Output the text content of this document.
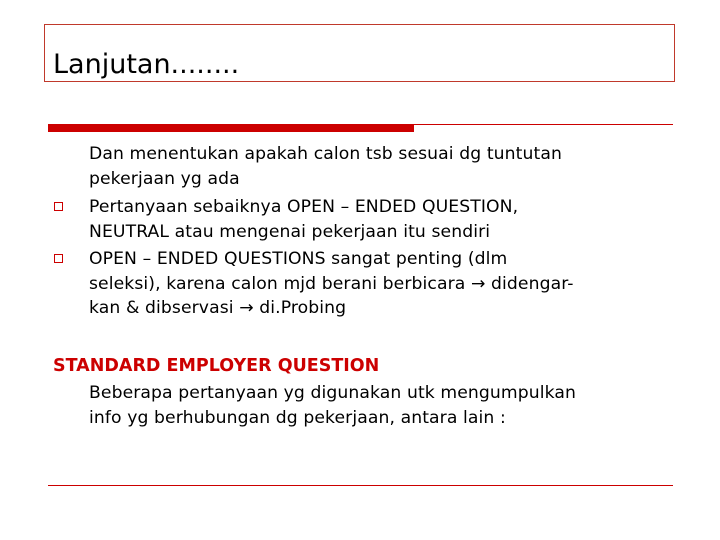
Lanjutan........
Dan menentukan apakah calon tsb sesuai dg tuntutan
pekerjaan yg ada
Pertanyaan sebaiknya OPEN – ENDED QUESTION,
NEUTRAL atau mengenai pekerjaan itu sendiri
OPEN – ENDED QUESTIONS sangat penting (dlm
seleksi), karena calon mjd berani berbicara → didengar-
kan & dibservasi → di.Probing
STANDARD EMPLOYER QUESTION
Beberapa pertanyaan yg digunakan utk mengumpulkan
info yg berhubungan dg pekerjaan, antara lain :
